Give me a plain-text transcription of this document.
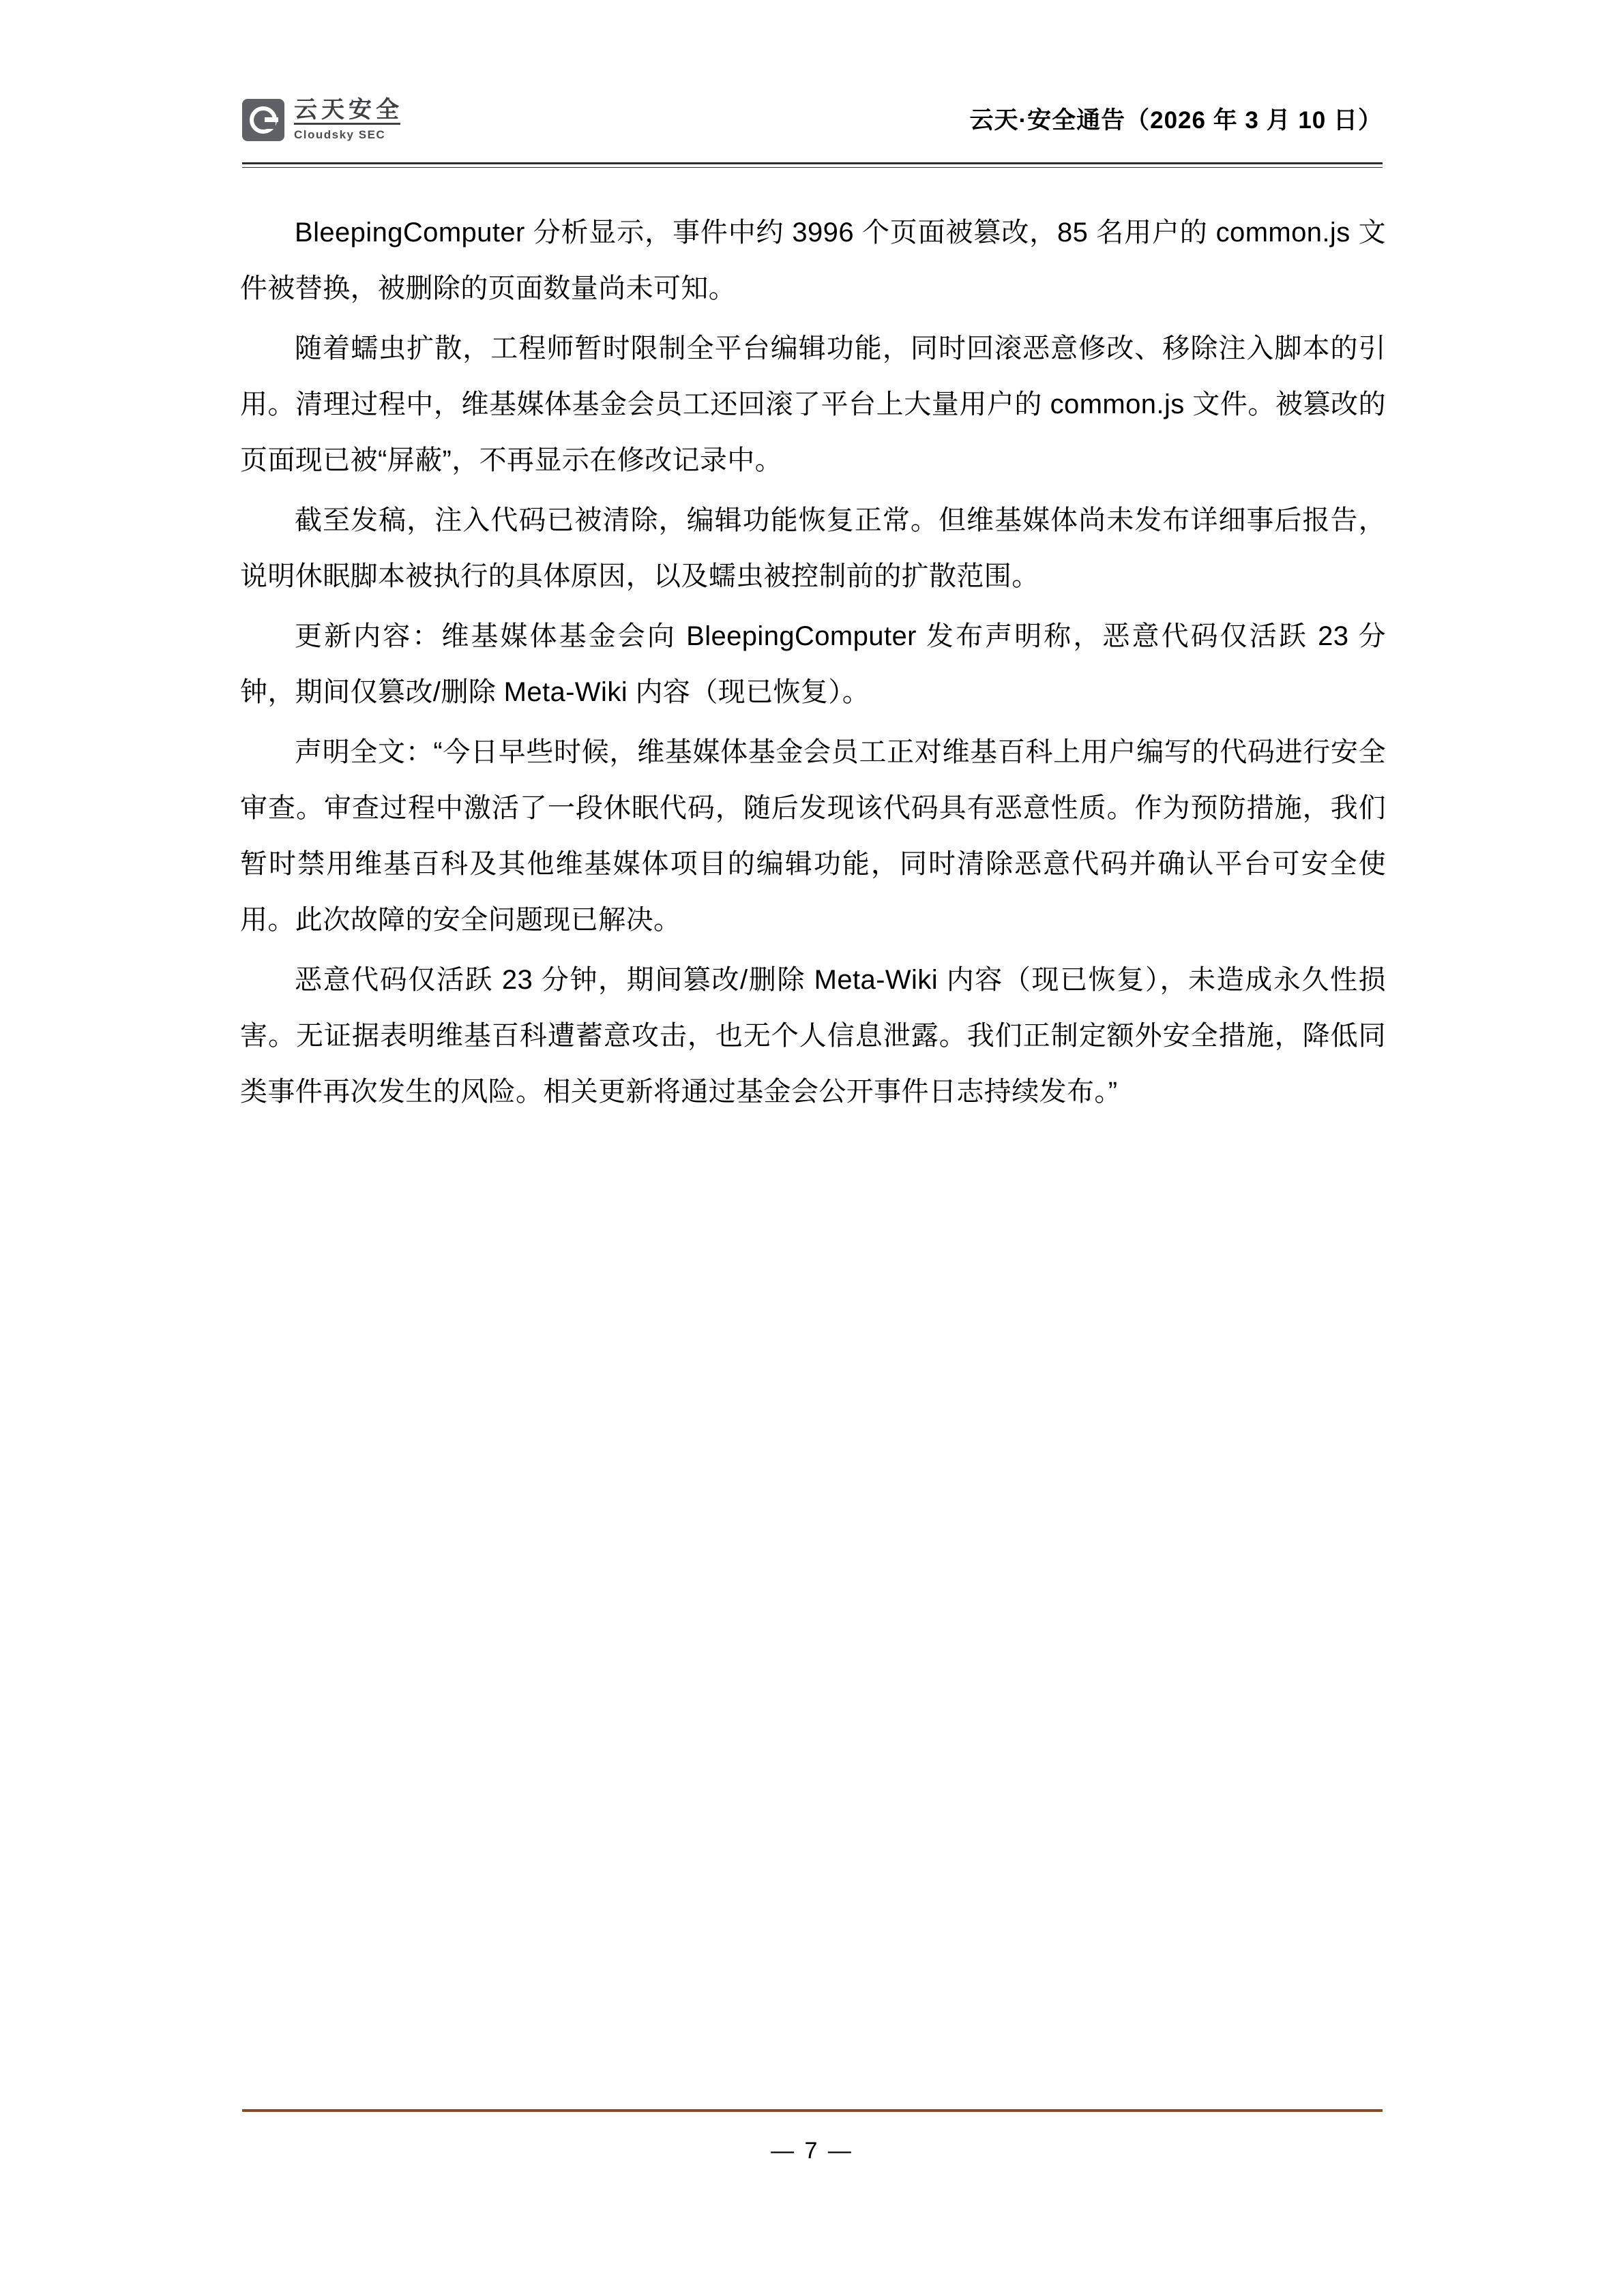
云天安全
Cloudsky SEC
云天·安全通告（2026 年 3 月 10 日）

BleepingComputer 分析显示，事件中约 3996 个页面被篡改，85 名用户的 common.js 文件被替换，被删除的页面数量尚未可知。

随着蠕虫扩散，工程师暂时限制全平台编辑功能，同时回滚恶意修改、移除注入脚本的引用。清理过程中，维基媒体基金会员工还回滚了平台上大量用户的 common.js 文件。被篡改的页面现已被“屏蔽”，不再显示在修改记录中。

截至发稿，注入代码已被清除，编辑功能恢复正常。但维基媒体尚未发布详细事后报告，说明休眠脚本被执行的具体原因，以及蠕虫被控制前的扩散范围。

更新内容：维基媒体基金会向 BleepingComputer 发布声明称，恶意代码仅活跃 23 分钟，期间仅篡改/删除 Meta-Wiki 内容（现已恢复）。

声明全文：“今日早些时候，维基媒体基金会员工正对维基百科上用户编写的代码进行安全审查。审查过程中激活了一段休眠代码，随后发现该代码具有恶意性质。作为预防措施，我们暂时禁用维基百科及其他维基媒体项目的编辑功能，同时清除恶意代码并确认平台可安全使用。此次故障的安全问题现已解决。

恶意代码仅活跃 23 分钟，期间篡改/删除 Meta-Wiki 内容（现已恢复），未造成永久性损害。无证据表明维基百科遭蓄意攻击，也无个人信息泄露。我们正制定额外安全措施，降低同类事件再次发生的风险。相关更新将通过基金会公开事件日志持续发布。”

— 7 —
